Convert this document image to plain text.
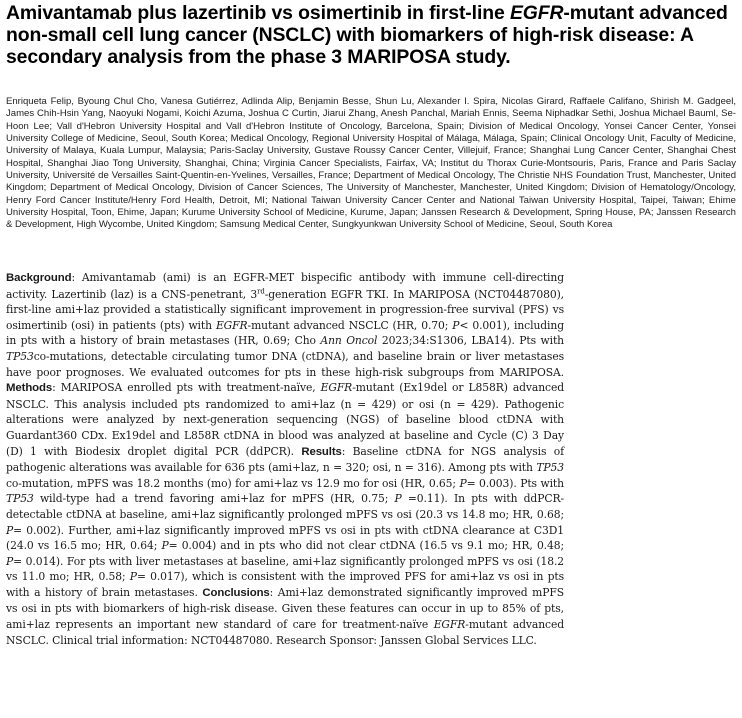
Amivantamab plus lazertinib vs osimertinib in first-line EGFR-mutant advanced non-small cell lung cancer (NSCLC) with biomarkers of high-risk disease: A secondary analysis from the phase 3 MARIPOSA study.
Enriqueta Felip, Byoung Chul Cho, Vanesa Gutiérrez, Adlinda Alip, Benjamin Besse, Shun Lu, Alexander I. Spira, Nicolas Girard, Raffaele Califano, Shirish M. Gadgeel, James Chih-Hsin Yang, Naoyuki Nogami, Koichi Azuma, Joshua C Curtin, Jiarui Zhang, Anesh Panchal, Mariah Ennis, Seema Niphadkar Sethi, Joshua Michael Bauml, Se-Hoon Lee; Vall d'Hebron University Hospital and Vall d'Hebron Institute of Oncology, Barcelona, Spain; Division of Medical Oncology, Yonsei Cancer Center, Yonsei University College of Medicine, Seoul, South Korea; Medical Oncology, Regional University Hospital of Málaga, Málaga, Spain; Clinical Oncology Unit, Faculty of Medicine, University of Malaya, Kuala Lumpur, Malaysia; Paris-Saclay University, Gustave Roussy Cancer Center, Villejuif, France; Shanghai Lung Cancer Center, Shanghai Chest Hospital, Shanghai Jiao Tong University, Shanghai, China; Virginia Cancer Specialists, Fairfax, VA; Institut du Thorax Curie-Montsouris, Paris, France and Paris Saclay University, Université de Versailles Saint-Quentin-en-Yvelines, Versailles, France; Department of Medical Oncology, The Christie NHS Foundation Trust, Manchester, United Kingdom; Department of Medical Oncology, Division of Cancer Sciences, The University of Manchester, Manchester, United Kingdom; Division of Hematology/Oncology, Henry Ford Cancer Institute/Henry Ford Health, Detroit, MI; National Taiwan University Cancer Center and National Taiwan University Hospital, Taipei, Taiwan; Ehime University Hospital, Toon, Ehime, Japan; Kurume University School of Medicine, Kurume, Japan; Janssen Research & Development, Spring House, PA; Janssen Research & Development, High Wycombe, United Kingdom; Samsung Medical Center, Sungkyunkwan University School of Medicine, Seoul, South Korea
Background: Amivantamab (ami) is an EGFR-MET bispecific antibody with immune cell-directing activity. Lazertinib (laz) is a CNS-penetrant, 3rd-generation EGFR TKI. In MARIPOSA (NCT04487080), first-line ami+laz provided a statistically significant improvement in progression-free survival (PFS) vs osimertinib (osi) in patients (pts) with EGFR-mutant advanced NSCLC (HR, 0.70; P< 0.001), including in pts with a history of brain metastases (HR, 0.69; Cho Ann Oncol 2023;34:S1306, LBA14). Pts with TP53co-mutations, detectable circulating tumor DNA (ctDNA), and baseline brain or liver metastases have poor prognoses. We evaluated outcomes for pts in these high-risk subgroups from MARIPOSA. Methods: MARIPOSA enrolled pts with treatment-naïve, EGFR-mutant (Ex19del or L858R) advanced NSCLC. This analysis included pts randomized to ami+laz (n = 429) or osi (n = 429). Pathogenic alterations were analyzed by next-generation sequencing (NGS) of baseline blood ctDNA with Guardant360 CDx. Ex19del and L858R ctDNA in blood was analyzed at baseline and Cycle (C) 3 Day (D) 1 with Biodesix droplet digital PCR (ddPCR). Results: Baseline ctDNA for NGS analysis of pathogenic alterations was available for 636 pts (ami+laz, n = 320; osi, n = 316). Among pts with TP53 co-mutation, mPFS was 18.2 months (mo) for ami+laz vs 12.9 mo for osi (HR, 0.65; P= 0.003). Pts with TP53 wild-type had a trend favoring ami+laz for mPFS (HR, 0.75; P =0.11). In pts with ddPCR-detectable ctDNA at baseline, ami+laz significantly prolonged mPFS vs osi (20.3 vs 14.8 mo; HR, 0.68; P= 0.002). Further, ami+laz significantly improved mPFS vs osi in pts with ctDNA clearance at C3D1 (24.0 vs 16.5 mo; HR, 0.64; P= 0.004) and in pts who did not clear ctDNA (16.5 vs 9.1 mo; HR, 0.48; P= 0.014). For pts with liver metastases at baseline, ami+laz significantly prolonged mPFS vs osi (18.2 vs 11.0 mo; HR, 0.58; P= 0.017), which is consistent with the improved PFS for ami+laz vs osi in pts with a history of brain metastases. Conclusions: Ami+laz demonstrated significantly improved mPFS vs osi in pts with biomarkers of high-risk disease. Given these features can occur in up to 85% of pts, ami+laz represents an important new standard of care for treatment-naïve EGFR-mutant advanced NSCLC. Clinical trial information: NCT04487080. Research Sponsor: Janssen Global Services LLC.
